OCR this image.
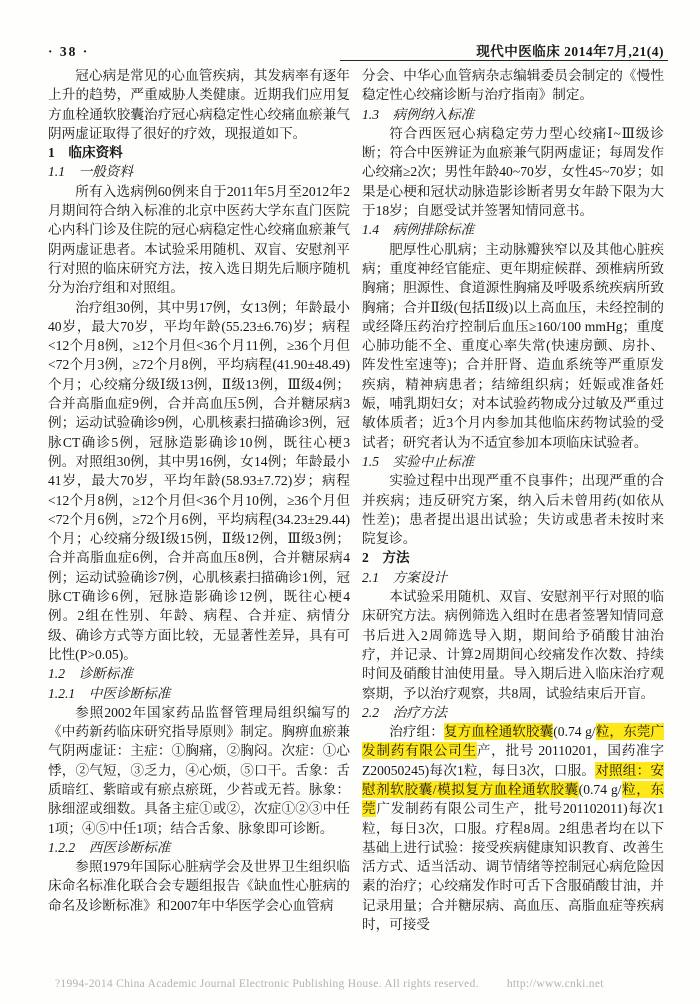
· 38 ·	现代中医临床 2014年7月,21(4)

冠心病是常见的心血管疾病，其发病率有逐年上升的趋势，严重威胁人类健康。近期我们应用复方血栓通软胶囊治疗冠心病稳定性心绞痛血瘀兼气阴两虚证取得了很好的疗效，现报道如下。

1　临床资料

1.1　一般资料

所有入选病例60例来自于2011年5月至2012年2月期间符合纳入标准的北京中医药大学东直门医院心内科门诊及住院的冠心病稳定性心绞痛血瘀兼气阴两虚证患者。本试验采用随机、双盲、安慰剂平行对照的临床研究方法，按入选日期先后顺序随机分为治疗组和对照组。

治疗组30例，其中男17例，女13例；年龄最小40岁，最大70岁，平均年龄(55.23±6.76)岁；病程<12个月8例，≥12个月但<36个月11例，≥36个月但<72个月3例，≥72个月8例，平均病程(41.90±48.49)个月；心绞痛分级Ⅰ级13例，Ⅱ级13例，Ⅲ级4例；合并高脂血症9例，合并高血压5例，合并糖尿病3例；运动试验确诊9例，心肌核素扫描确诊3例，冠脉CT确诊5例，冠脉造影确诊10例，既往心梗3例。对照组30例，其中男16例，女14例；年龄最小41岁，最大70岁，平均年龄(58.93±7.72)岁；病程<12个月8例，≥12个月但<36个月10例，≥36个月但<72个月6例，≥72个月6例，平均病程(34.23±29.44)个月；心绞痛分级Ⅰ级15例，Ⅱ级12例，Ⅲ级3例；合并高脂血症6例，合并高血压8例，合并糖尿病4例；运动试验确诊7例，心肌核素扫描确诊1例，冠脉CT确诊6例，冠脉造影确诊12例，既往心梗4例。2组在性别、年龄、病程、合并症、病情分级、确诊方式等方面比较，无显著性差异，具有可比性(P>0.05)。

1.2　诊断标准

1.2.1　中医诊断标准

参照2002年国家药品监督管理局组织编写的《中药新药临床研究指导原则》制定。胸痹血瘀兼气阴两虚证：主症：①胸痛，②胸闷。次症：①心悸，②气短，③乏力，④心烦，⑤口干。舌象：舌质暗红、紫暗或有瘀点瘀斑，少苔或无苔。脉象：脉细涩或细数。具备主症①或②，次症①②③中任1项；④⑤中任1项；结合舌象、脉象即可诊断。

1.2.2　西医诊断标准

参照1979年国际心脏病学会及世界卫生组织临床命名标准化联合会专题组报告《缺血性心脏病的命名及诊断标准》和2007年中华医学会心血管病

分会、中华心血管病杂志编辑委员会制定的《慢性稳定性心绞痛诊断与治疗指南》制定。

1.3　病例纳入标准

符合西医冠心病稳定劳力型心绞痛Ⅰ~Ⅲ级诊断；符合中医辨证为血瘀兼气阴两虚证；每周发作心绞痛≥2次；男性年龄40~70岁，女性45~70岁；如果是心梗和冠状动脉造影诊断者男女年龄下限为大于18岁；自愿受试并签署知情同意书。

1.4　病例排除标准

肥厚性心肌病；主动脉瓣狭窄以及其他心脏疾病；重度神经官能症、更年期症候群、颈椎病所致胸痛；胆源性、食道源性胸痛及呼吸系统疾病所致胸痛；合并Ⅱ级(包括Ⅱ级)以上高血压，未经控制的或经降压药治疗控制后血压≥160/100 mmHg；重度心肺功能不全、重度心率失常(快速房颤、房扑、阵发性室速等)；合并肝肾、造血系统等严重原发疾病，精神病患者；结缔组织病；妊娠或准备妊娠，哺乳期妇女；对本试验药物成分过敏及严重过敏体质者；近3个月内参加其他临床药物试验的受试者；研究者认为不适宜参加本项临床试验者。

1.5　实验中止标准

实验过程中出现严重不良事件；出现严重的合并疾病；违反研究方案，纳入后未曾用药(如依从性差)；患者提出退出试验；失访或患者未按时来院复诊。

2　方法

2.1　方案设计

本试验采用随机、双盲、安慰剂平行对照的临床研究方法。病例筛选入组时在患者签署知情同意书后进入2周筛选导入期，期间给予硝酸甘油治疗，并记录、计算2周期间心绞痛发作次数、持续时间及硝酸甘油使用量。导入期后进入临床治疗观察期，予以治疗观察，共8周，试验结束后开盲。

2.2　治疗方法

治疗组：复方血栓通软胶囊(0.74 g/粒，东莞广发制药有限公司生产，批号 20110201，国药准字 Z20050245)每次1粒，每日3次，口服。对照组：安慰剂软胶囊/模拟复方血栓通软胶囊(0.74 g/粒，东莞广发制药有限公司生产，批号201102011)每次1粒，每日3次，口服。疗程8周。2组患者均在以下基础上进行试验：接受疾病健康知识教育、改善生活方式、适当活动、调节情绪等控制冠心病危险因素的治疗；心绞痛发作时可舌下含服硝酸甘油，并记录用量；合并糖尿病、高血压、高脂血症等疾病时，可接受

?1994-2014 China Academic Journal Electronic Publishing House. All rights reserved. http://www.cnki.net
